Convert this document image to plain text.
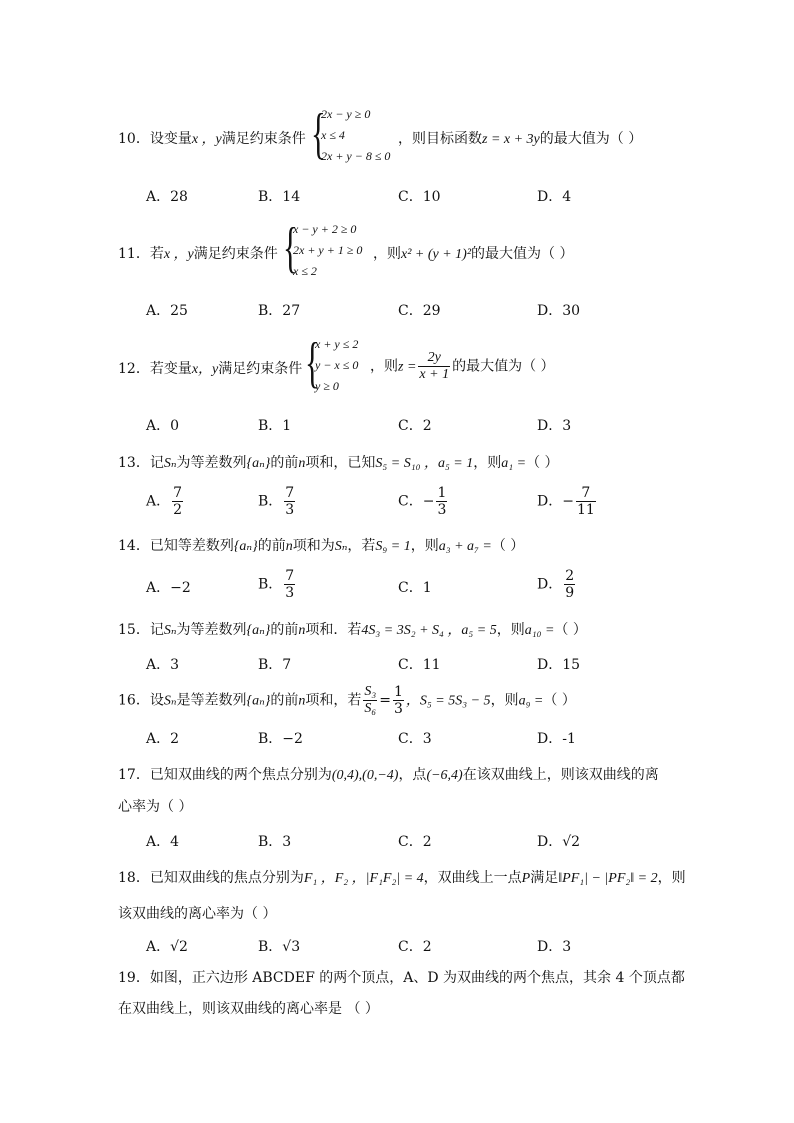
10．设变量x ，y满足约束条件 {
2x − y ≥ 0
x ≤ 4
2x + y − 8 ≤ 0
，则目标函数z = x + 3y的最大值为（ ）
A．28	B．14	C．10	D．4
11．若x ，y满足约束条件 {
x − y + 2 ≥ 0
2x + y + 1 ≥ 0
x ≤ 2
，则x² + (y + 1)²的最大值为（ ）
A．25	B．27	C．29	D．30
12．若变量x，y满足约束条件 {
x + y ≤ 2
y − x ≤ 0
y ≥ 0
，则$z = \frac{2y}{x + 1}$ 的最大值为（ ）
A．0	B．1	C．2	D．3
13．记Sₙ为等差数列{aₙ}的前n项和，已知S₅ = S₁₀ ，a₅ = 1，则a₁ =（ ）
A． $\frac{7}{2}$	B． $\frac{7}{3}$	C．− $\frac{1}{3}$	D．− $\frac{7}{11}$
14．已知等差数列{aₙ}的前n项和为Sₙ，若S₉ = 1，则a₃ + a₇ =（ ）
A．−2	B． $\frac{7}{3}$	C．1	D． $\frac{2}{9}$
15．记Sₙ为等差数列{aₙ}的前n项和．若4S₃ = 3S₂ + S₄ ，a₅ = 5，则a₁₀ =（ ）
A．3	B．7	C．11	D．15
16．设Sₙ是等差数列{aₙ}的前n项和，若 $\frac{\text{S₃}}{\text{S₆}} = \frac{1}{3}$ ，S₅ = 5S₃ − 5，则a₉ =（ ）
A．2	B．−2	C．3	D．-1
17．已知双曲线的两个焦点分别为(0,4),(0,−4)，点(−6,4)在该双曲线上，则该双曲线的离
心率为（ ）
A．4	B．3	C．2	D．√2
18．已知双曲线的焦点分别为F₁ ，F₂ ，|F₁F₂| = 4，双曲线上一点P满足‖PF₁| − |PF₂‖ = 2，则
该双曲线的离心率为（ ）
A．√2	B．√3	C．2	D．3
19．如图，正六边形 ABCDEF 的两个顶点，A、D 为双曲线的两个焦点，其余 4 个顶点都
在双曲线上，则该双曲线的离心率是 （ ）
